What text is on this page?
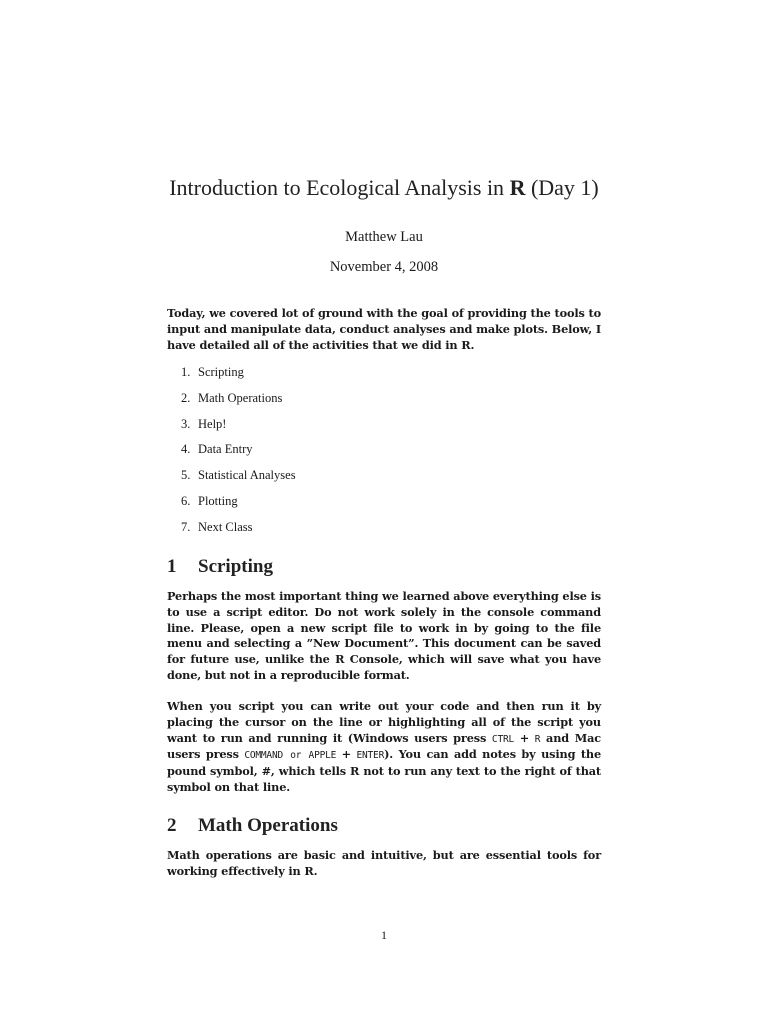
Introduction to Ecological Analysis in R (Day 1)
Matthew Lau
November 4, 2008
Today, we covered lot of ground with the goal of providing the tools to input and manipulate data, conduct analyses and make plots. Below, I have detailed all of the activities that we did in R.
1. Scripting
2. Math Operations
3. Help!
4. Data Entry
5. Statistical Analyses
6. Plotting
7. Next Class
1 Scripting
Perhaps the most important thing we learned above everything else is to use a script editor. Do not work solely in the console command line. Please, open a new script file to work in by going to the file menu and selecting a ”New Document”. This document can be saved for future use, unlike the R Console, which will save what you have done, but not in a reproducible format.
When you script you can write out your code and then run it by placing the cursor on the line or highlighting all of the script you want to run and running it (Windows users press CTRL + R and Mac users press COMMAND or APPLE + ENTER). You can add notes by using the pound symbol, #, which tells R not to run any text to the right of that symbol on that line.
2 Math Operations
Math operations are basic and intuitive, but are essential tools for working effectively in R.
1
